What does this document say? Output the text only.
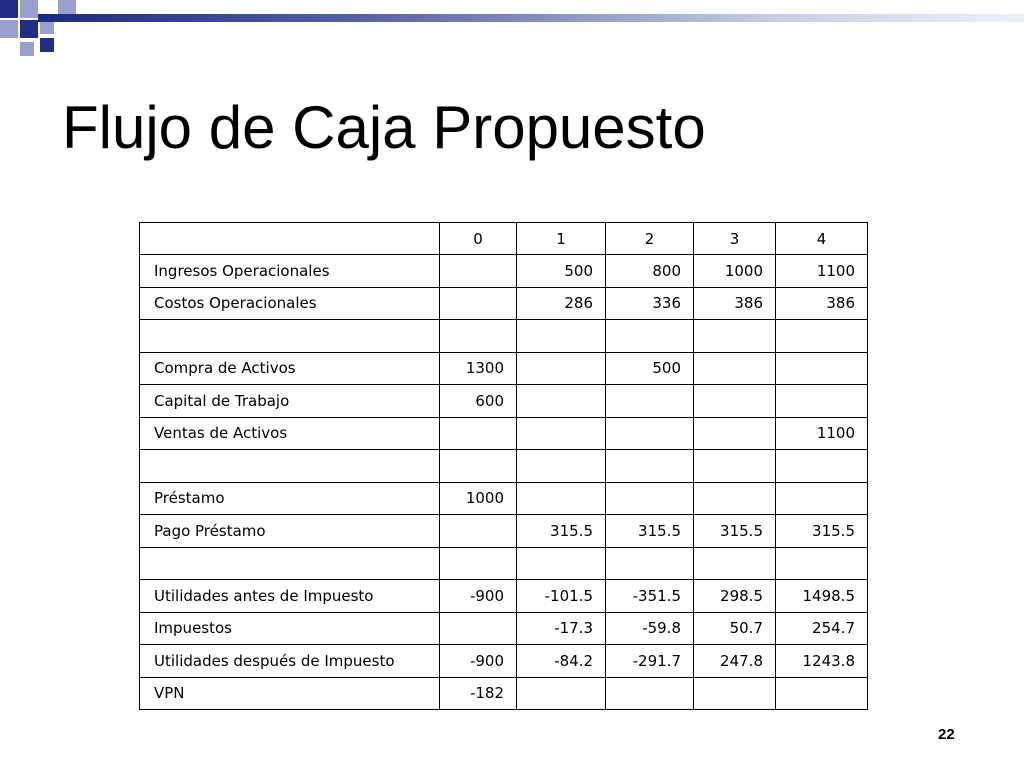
Flujo de Caja Propuesto
	0	1	2	3	4
Ingresos Operacionales		500	800	1000	1100
Costos Operacionales		286	336	386	386

Compra de Activos	1300		500		
Capital de Trabajo	600				
Ventas de Activos					1100

Préstamo	1000				
Pago Préstamo		315.5	315.5	315.5	315.5

Utilidades antes de Impuesto	-900	-101.5	-351.5	298.5	1498.5
Impuestos		-17.3	-59.8	50.7	254.7
Utilidades después de Impuesto	-900	-84.2	-291.7	247.8	1243.8
VPN	-182				
22
